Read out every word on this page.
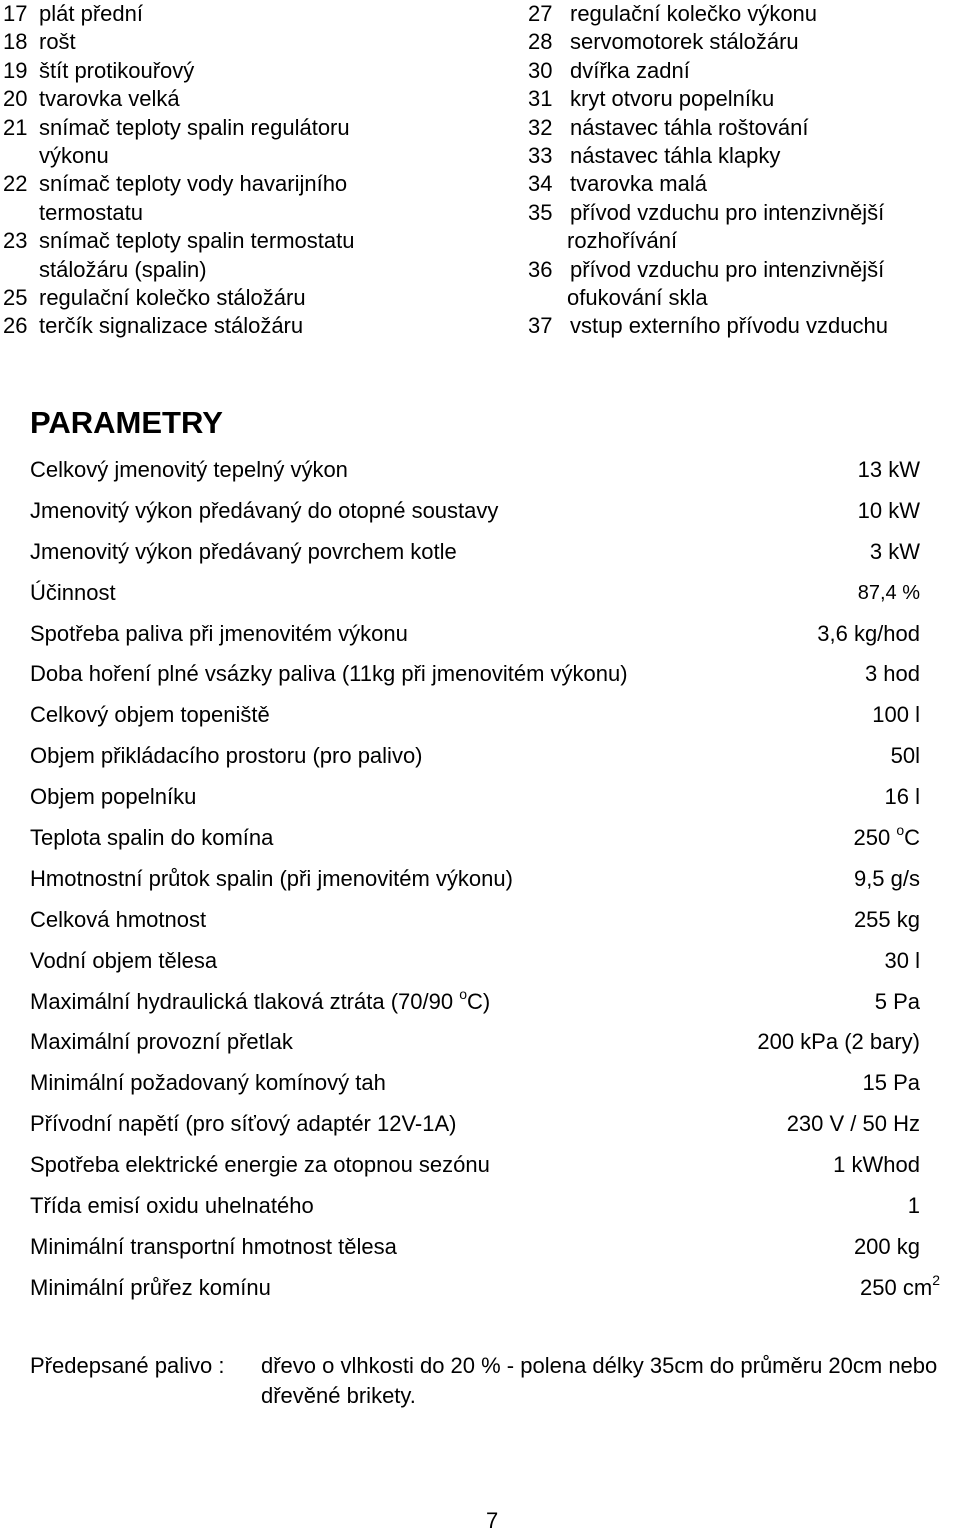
17 plát přední
18 rošt
19 štít protikouřový
20 tvarovka velká
21 snímač teploty spalin regulátoru
výkonu
22 snímač teploty vody havarijního
termostatu
23 snímač teploty spalin termostatu
stáložáru (spalin)
25 regulační kolečko stáložáru
26 terčík signalizace stáložáru
27 regulační kolečko výkonu
28 servomotorek stáložáru
30 dvířka zadní
31 kryt otvoru popelníku
32 nástavec táhla roštování
33 nástavec táhla klapky
34 tvarovka malá
35 přívod vzduchu pro intenzivnější
rozhořívání
36 přívod vzduchu pro intenzivnější
ofukování skla
37 vstup externího přívodu vzduchu
PARAMETRY
Celkový jmenovitý tepelný výkon	13 kW
Jmenovitý výkon předávaný do otopné soustavy	10 kW
Jmenovitý výkon předávaný povrchem kotle	3 kW
Účinnost	87,4 %
Spotřeba paliva při jmenovitém výkonu	3,6 kg/hod
Doba hoření plné vsázky paliva (11kg při jmenovitém výkonu)	3 hod
Celkový objem topeniště	100 l
Objem přikládacího prostoru (pro palivo)	50l
Objem popelníku	16 l
Teplota spalin do komína	250 $^o$C
Hmotnostní průtok spalin (při jmenovitém výkonu)	9,5 g/s
Celková hmotnost	255 kg
Vodní objem tělesa	30 l
Maximální hydraulická tlaková ztráta (70/90 $^o$C)	5 Pa
Maximální provozní přetlak	200 kPa (2 bary)
Minimální požadovaný komínový tah	15 Pa
Přívodní napětí (pro síťový adaptér 12V-1A)	230 V / 50 Hz
Spotřeba elektrické energie za otopnou sezónu	1 kWhod
Třída emisí oxidu uhelnatého	1
Minimální transportní hmotnost tělesa	200 kg
Minimální průřez komínu	250 $cm^2$
Předepsané palivo : dřevo o vlhkosti do 20 % - polena délky 35cm do průměru 20cm nebo dřevěné brikety.
7
